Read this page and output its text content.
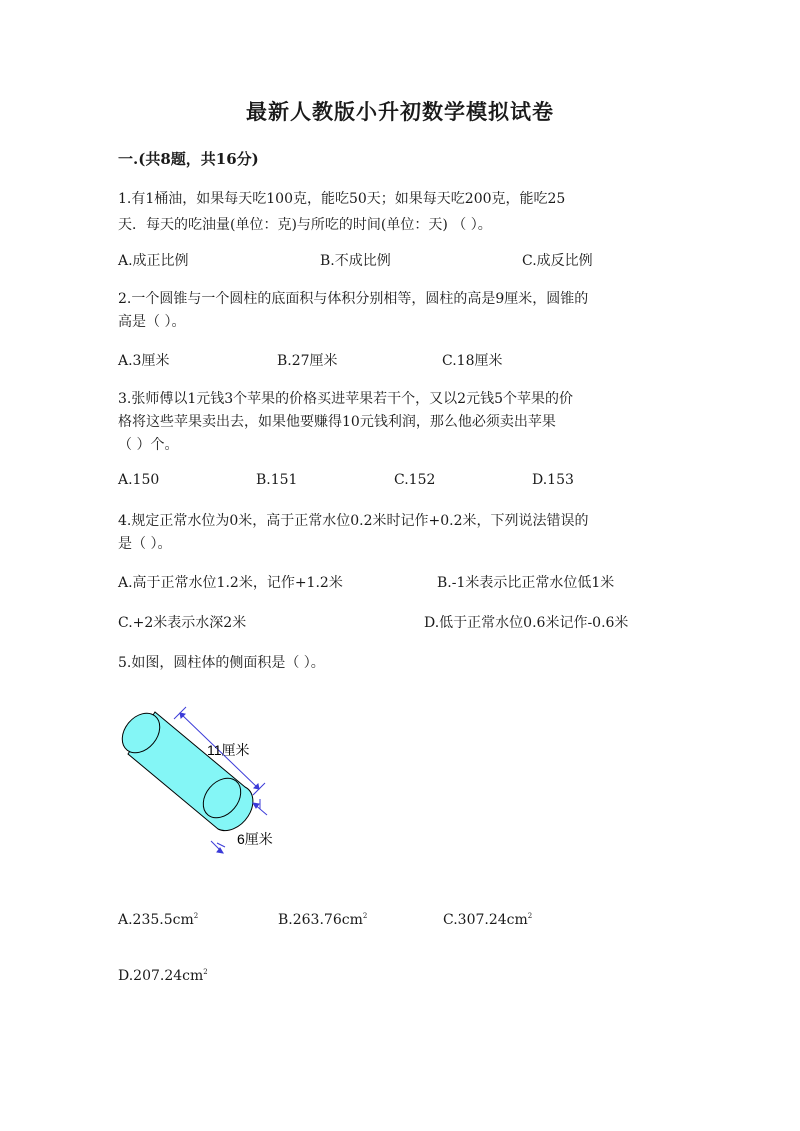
最新人教版小升初数学模拟试卷
一.(共8题，共16分)
1.有1桶油，如果每天吃100克，能吃50天；如果每天吃200克，能吃25
天．每天的吃油量(单位：克)与所吃的时间(单位：天) （ ）。
A.成正比例	B.不成比例	C.成反比例
2.一个圆锥与一个圆柱的底面积与体积分别相等，圆柱的高是9厘米，圆锥的
高是（ ）。
A.3厘米	B.27厘米	C.18厘米
3.张师傅以1元钱3个苹果的价格买进苹果若干个，又以2元钱5个苹果的价
格将这些苹果卖出去，如果他要赚得10元钱利润，那么他必须卖出苹果
（ ）个。
A.150	B.151	C.152	D.153
4.规定正常水位为0米，高于正常水位0.2米时记作+0.2米，下列说法错误的
是（ ）。
A.高于正常水位1.2米，记作+1.2米	B.-1米表示比正常水位低1米
C.+2米表示水深2米	D.低于正常水位0.6米记作-0.6米
5.如图，圆柱体的侧面积是（ ）。
11厘米
6厘米
$A.235.5cm^2$	$B.263.76cm^2$	$C.307.24cm^2$
$D.207.24cm^2$
